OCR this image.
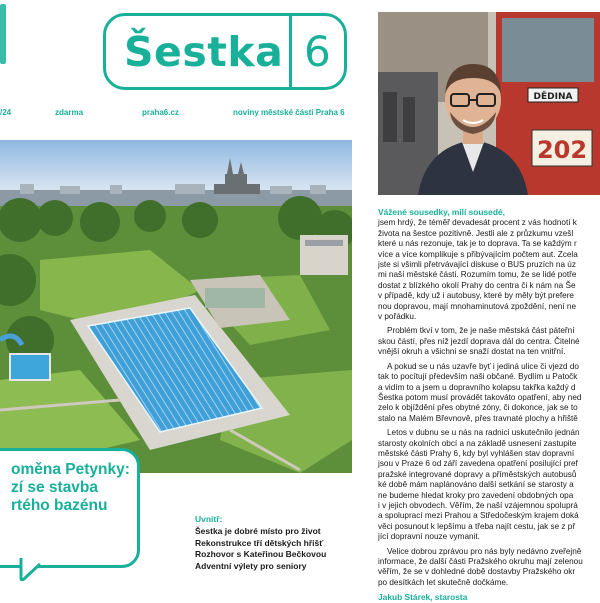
Šestka 6
/24	zdarma	praha6.cz	noviny městské části Praha 6
oměna Petynky:
zí se stavba
rtého bazénu
Uvnitř:
Šestka je dobré místo pro život
Rekonstrukce tří dětských hřišť
Rozhovor s Kateřinou Bečkovou
Adventní výlety pro seniory
DĚDINA
202
Vážené sousedky, milí sousedé,

jsem hrdý, že téměř devadesát procent z vás hodnotí k
života na šestce pozitivně. Jestli ale z průzkumu vzešl
které u nás rezonuje, tak je to doprava. Ta se každým r
více a více komplikuje s přibývajícím počtem aut. Zcela
jste si všimli přetrvávající diskuse o BUS pruzích na úz
mi naší městské části. Rozumím tomu, že se lidé potře
dostat z blízkého okolí Prahy do centra či k nám na Še
v případě, kdy už i autobusy, které by měly být prefere
nou dopravou, mají mnohaminutová zpoždění, není ne
v pořádku.

Problém tkví v tom, že je naše městská část páteřní
skou částí, přes níž jezdí doprava dál do centra. Čitelné
vnější okruh a všichni se snaží dostat na ten vnitřní.

A pokud se u nás uzavře byť i jediná ulice či vjezd do
tak to pocítují především naši občané. Bydlím u Patočk
a vidím to a jsem u dopravního kolapsu takřka každý d
Šestka potom musí provádět takováto opatření, aby ned
zelo k objíždění přes obytné zóny, či dokonce, jak se to
stalo na Malém Břevnově, přes travnaté plochy a hřiště

Letos v dubnu se u nás na radnici uskutečnilo jednán
starosty okolních obcí a na základě usnesení zastupite
městské části Prahy 6, kdy byl vyhlášen stav dopravní
jsou v Praze 6 od září zavedena opatření posilující pref
pražské integrované dopravy a příměstských autobusů
ké době mám naplánováno další setkání se starosty a
ne budeme hledat kroky pro zavedení obdobných opa
i v jejich obvodech. Věřím, že naší vzájemnou spoluprá
a spoluprací mezi Prahou a Středočeským krajem doká
věci posunout k lepšímu a třeba najít cestu, jak se z př
jící dopravní nouze vymanit.

Velice dobrou zprávou pro nás byly nedávno zveřejně
informace, že další části Pražského okruhu mají zelenou
věřím, že se v dohledné době dostavby Pražského okr
po desítkách let skutečně dočkáme.

Jakub Stárek, starosta
